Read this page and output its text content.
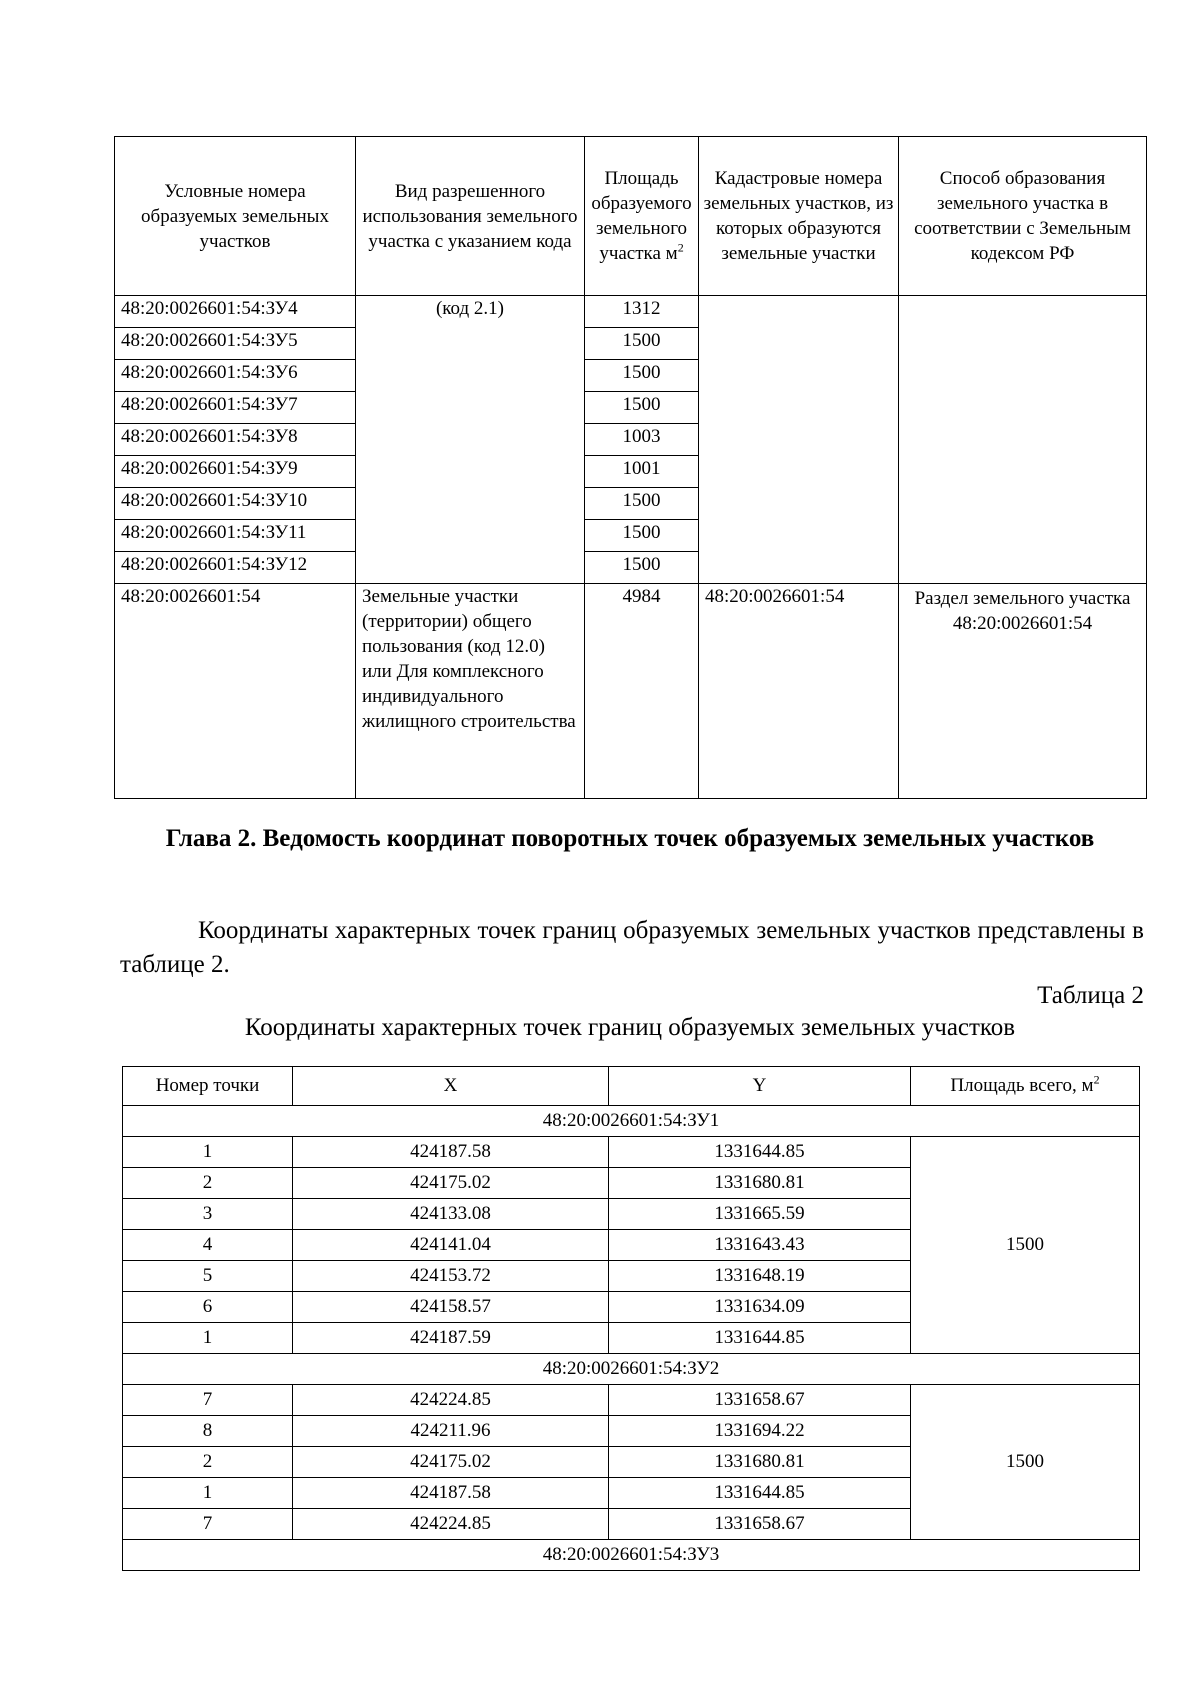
Условные номера образуемых земельных участков	Вид разрешенного использования земельного участка с указанием кода	Площадь образуемого земельного участка $м^2$	Кадастровые номера земельных участков, из которых образуются земельные участки	Способ образования земельного участка в соответствии с Земельным кодексом РФ
48:20:0026601:54:ЗУ4	(код 2.1)	1312		
48:20:0026601:54:ЗУ5		1500		
48:20:0026601:54:ЗУ6		1500		
48:20:0026601:54:ЗУ7		1500		
48:20:0026601:54:ЗУ8		1003		
48:20:0026601:54:ЗУ9		1001		
48:20:0026601:54:ЗУ10		1500		
48:20:0026601:54:ЗУ11		1500		
48:20:0026601:54:ЗУ12		1500		
48:20:0026601:54	Земельные участки (территории) общего пользования (код 12.0) или Для комплексного индивидуального жилищного строительства	4984	48:20:0026601:54	Раздел земельного участка 48:20:0026601:54
Глава 2. Ведомость координат поворотных точек образуемых земельных участков
Координаты характерных точек границ образуемых земельных участков представлены в таблице 2.
Таблица 2
Координаты характерных точек границ образуемых земельных участков
Номер точки	X	Y	Площадь всего, $м^2$
48:20:0026601:54:ЗУ1			
1	424187.58	1331644.85	1500
2	424175.02	1331680.81	
3	424133.08	1331665.59	
4	424141.04	1331643.43	
5	424153.72	1331648.19	
6	424158.57	1331634.09	
1	424187.59	1331644.85	
48:20:0026601:54:ЗУ2			
7	424224.85	1331658.67	1500
8	424211.96	1331694.22	
2	424175.02	1331680.81	
1	424187.58	1331644.85	
7	424224.85	1331658.67	
48:20:0026601:54:ЗУ3			
